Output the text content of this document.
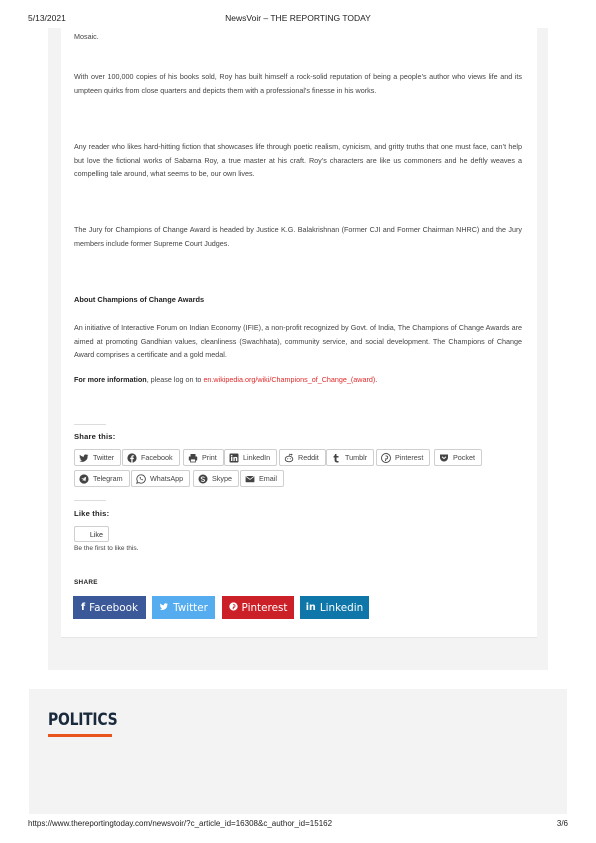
5/13/2021	NewsVoir – THE REPORTING TODAY
Mosaic.
With over 100,000 copies of his books sold, Roy has built himself a rock-solid reputation of being a people’s author who views life and its umpteen quirks from close quarters and depicts them with a professional’s finesse in his works.
Any reader who likes hard-hitting fiction that showcases life through poetic realism, cynicism, and gritty truths that one must face, can’t help but love the fictional works of Sabarna Roy, a true master at his craft. Roy’s characters are like us commoners and he deftly weaves a compelling tale around, what seems to be, our own lives.
The Jury for Champions of Change Award is headed by Justice K.G. Balakrishnan (Former CJI and Former Chairman NHRC) and the Jury members include former Supreme Court Judges.
About Champions of Change Awards
An initiative of Interactive Forum on Indian Economy (IFIE), a non-profit recognized by Govt. of India, The Champions of Change Awards are aimed at promoting Gandhian values, cleanliness (Swachhata), community service, and social development. The Champions of Change Award comprises a certificate and a gold medal.
For more information, please log on to en.wikipedia.org/wiki/Champions_of_Change_(award).
Share this:
Twitter	Facebook	Print	LinkedIn	Reddit	Tumblr	Pinterest	Pocket
Telegram	WhatsApp	Skype	Email
Like this:
Like
Be the first to like this.
SHARE
f Facebook	Twitter	Pinterest in Linkedin
POLITICS
https://www.thereportingtoday.com/newsvoir/?c_article_id=16308&c_author_id=15162	3/6
